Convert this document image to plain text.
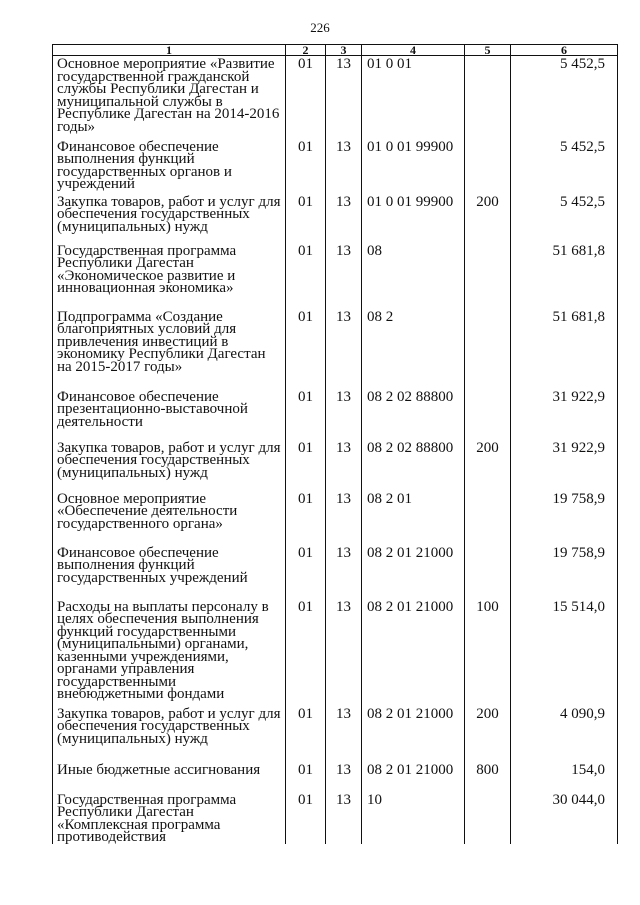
226
1	2	3	4	5	6
Основное мероприятие «Развитие государственной гражданской службы Республики Дагестан и муниципальной службы в Республике Дагестан на 2014-2016 годы»	01	13	01 0 01		5 452,5
Финансовое обеспечение выполнения функций государственных органов и учреждений	01	13	01 0 01 99900		5 452,5
Закупка товаров, работ и услуг для обеспечения государственных (муниципальных) нужд	01	13	01 0 01 99900	200	5 452,5
Государственная программа Республики Дагестан «Экономическое развитие и инновационная экономика»	01	13	08		51 681,8
Подпрограмма «Создание благоприятных условий для привлечения инвестиций в экономику Республики Дагестан на 2015-2017 годы»	01	13	08 2		51 681,8
Финансовое обеспечение презентационно-выставочной деятельности	01	13	08 2 02 88800		31 922,9
Закупка товаров, работ и услуг для обеспечения государственных (муниципальных) нужд	01	13	08 2 02 88800	200	31 922,9
Основное мероприятие «Обеспечение деятельности государственного органа»	01	13	08 2 01		19 758,9
Финансовое обеспечение выполнения функций государственных учреждений	01	13	08 2 01 21000		19 758,9
Расходы на выплаты персоналу в целях обеспечения выполнения функций государственными (муниципальными) органами, казенными учреждениями, органами управления государственными внебюджетными фондами	01	13	08 2 01 21000	100	15 514,0
Закупка товаров, работ и услуг для обеспечения государственных (муниципальных) нужд	01	13	08 2 01 21000	200	4 090,9
Иные бюджетные ассигнования	01	13	08 2 01 21000	800	154,0
Государственная программа Республики Дагестан «Комплексная программа противодействия	01	13	10		30 044,0
